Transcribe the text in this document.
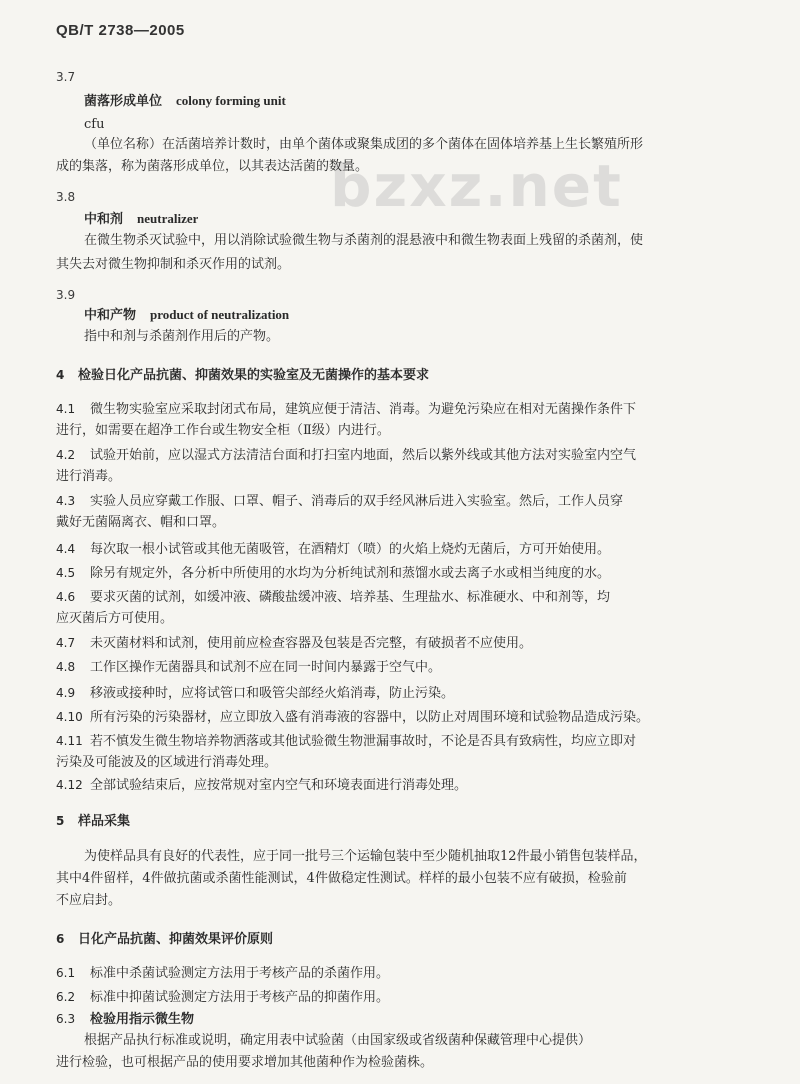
QB/T 2738—2005
bzxz.net
3.7
菌落形成单位 colony forming unit
cfu
（单位名称）在活菌培养计数时，由单个菌体或聚集成团的多个菌体在固体培养基上生长繁殖所形
成的集落，称为菌落形成单位，以其表达活菌的数量。
3.8
中和剂 neutralizer
在微生物杀灭试验中，用以消除试验微生物与杀菌剂的混悬液中和微生物表面上残留的杀菌剂，使
其失去对微生物抑制和杀灭作用的试剂。
3.9
中和产物 product of neutralization
指中和剂与杀菌剂作用后的产物。
4 检验日化产品抗菌、抑菌效果的实验室及无菌操作的基本要求
4.1 微生物实验室应采取封闭式布局，建筑应便于清洁、消毒。为避免污染应在相对无菌操作条件下
进行，如需要在超净工作台或生物安全柜（Ⅱ级）内进行。
4.2 试验开始前，应以湿式方法清洁台面和打扫室内地面，然后以紫外线或其他方法对实验室内空气
进行消毒。
4.3 实验人员应穿戴工作服、口罩、帽子、消毒后的双手经风淋后进入实验室。然后，工作人员穿
戴好无菌隔离衣、帽和口罩。
4.4 每次取一根小试管或其他无菌吸管，在酒精灯（喷）的火焰上烧灼无菌后，方可开始使用。
4.5 除另有规定外，各分析中所使用的水均为分析纯试剂和蒸馏水或去离子水或相当纯度的水。
4.6 要求灭菌的试剂，如缓冲液、磷酸盐缓冲液、培养基、生理盐水、标准硬水、中和剂等，均
应灭菌后方可使用。
4.7 未灭菌材料和试剂，使用前应检查容器及包装是否完整，有破损者不应使用。
4.8 工作区操作无菌器具和试剂不应在同一时间内暴露于空气中。
4.9 移液或接种时，应将试管口和吸管尖部经火焰消毒，防止污染。
4.10 所有污染的污染器材，应立即放入盛有消毒液的容器中，以防止对周围环境和试验物品造成污染。
4.11 若不慎发生微生物培养物洒落或其他试验微生物泄漏事故时，不论是否具有致病性，均应立即对
污染及可能波及的区域进行消毒处理。
4.12 全部试验结束后，应按常规对室内空气和环境表面进行消毒处理。
5 样品采集
为使样品具有良好的代表性，应于同一批号三个运输包装中至少随机抽取12件最小销售包装样品，
其中4件留样，4件做抗菌或杀菌性能测试，4件做稳定性测试。样样的最小包装不应有破损，检验前
不应启封。
6 日化产品抗菌、抑菌效果评价原则
6.1 标准中杀菌试验测定方法用于考核产品的杀菌作用。
6.2 标准中抑菌试验测定方法用于考核产品的抑菌作用。
6.3 检验用指示微生物
根据产品执行标准或说明，确定用表中试验菌（由国家级或省级菌种保藏管理中心提供）
进行检验，也可根据产品的使用要求增加其他菌种作为检验菌株。
